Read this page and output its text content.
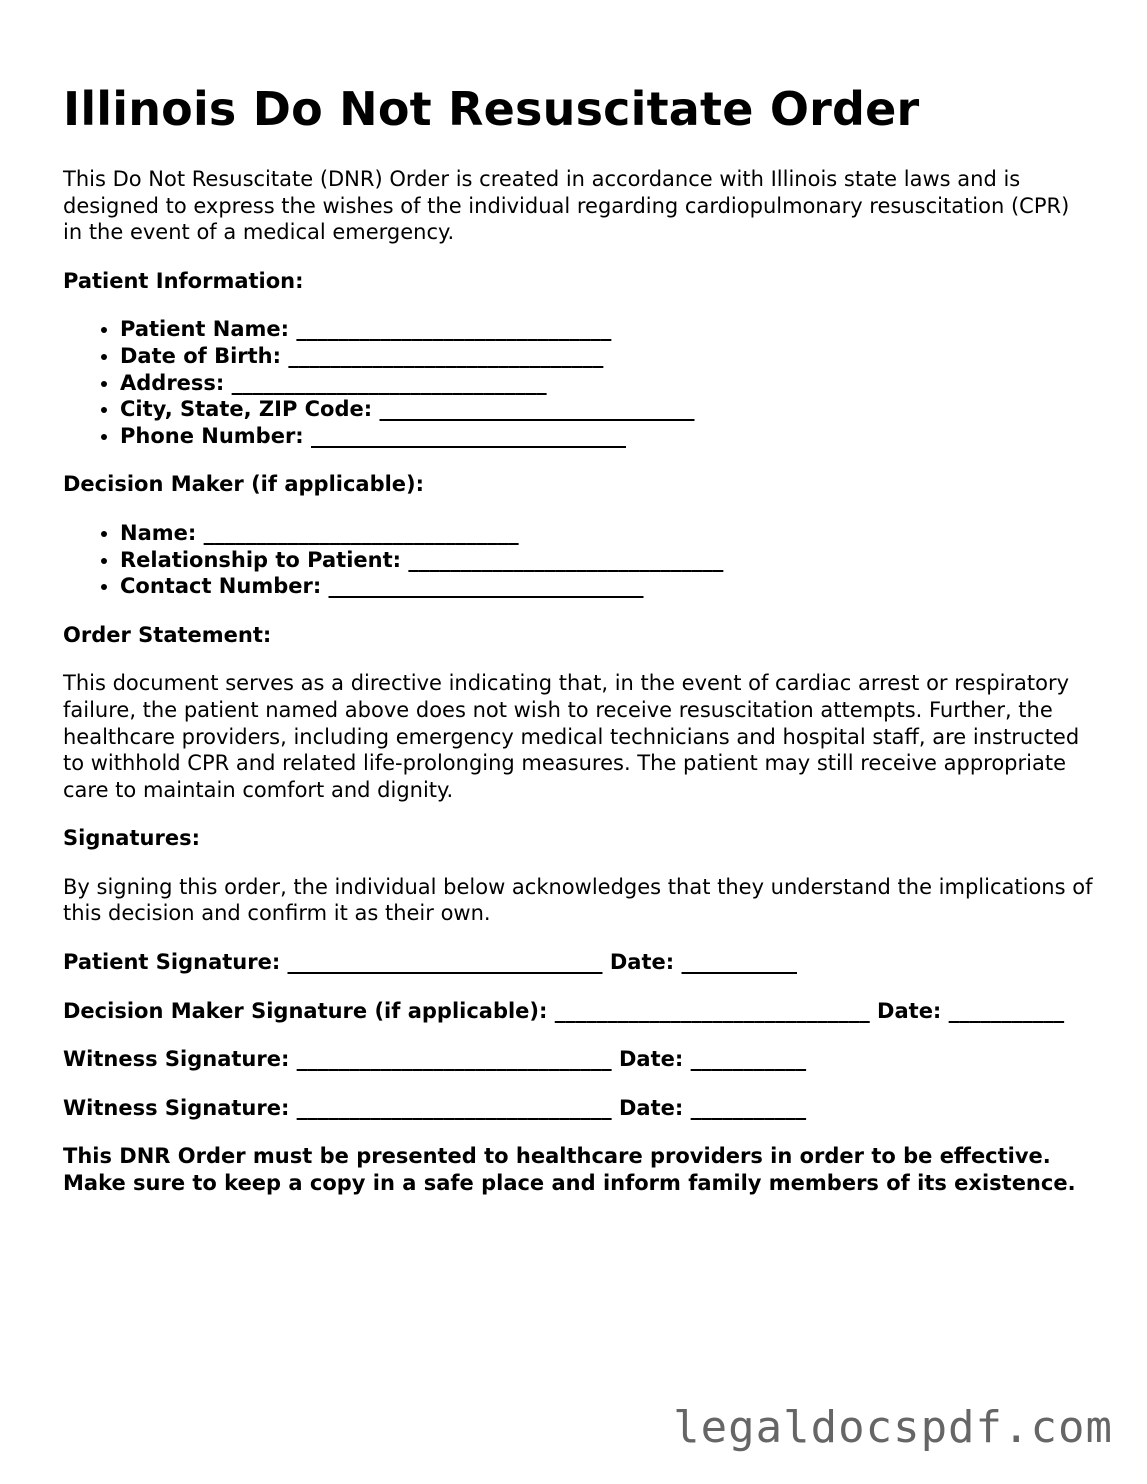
Illinois Do Not Resuscitate Order

This Do Not Resuscitate (DNR) Order is created in accordance with Illinois state laws and is designed to express the wishes of the individual regarding cardiopulmonary resuscitation (CPR) in the event of a medical emergency.

Patient Information:

• Patient Name: ______________________________
• Date of Birth: ______________________________
• Address: ______________________________
• City, State, ZIP Code: ______________________________
• Phone Number: ______________________________

Decision Maker (if applicable):

• Name: ______________________________
• Relationship to Patient: ______________________________
• Contact Number: ______________________________

Order Statement:

This document serves as a directive indicating that, in the event of cardiac arrest or respiratory failure, the patient named above does not wish to receive resuscitation attempts. Further, the healthcare providers, including emergency medical technicians and hospital staff, are instructed to withhold CPR and related life-prolonging measures. The patient may still receive appropriate care to maintain comfort and dignity.

Signatures:

By signing this order, the individual below acknowledges that they understand the implications of this decision and confirm it as their own.

Patient Signature: ______________________________ Date: ___________

Decision Maker Signature (if applicable): ______________________________ Date: ___________

Witness Signature: ______________________________ Date: ___________

Witness Signature: ______________________________ Date: ___________

This DNR Order must be presented to healthcare providers in order to be effective. Make sure to keep a copy in a safe place and inform family members of its existence.

legaldocspdf.com
